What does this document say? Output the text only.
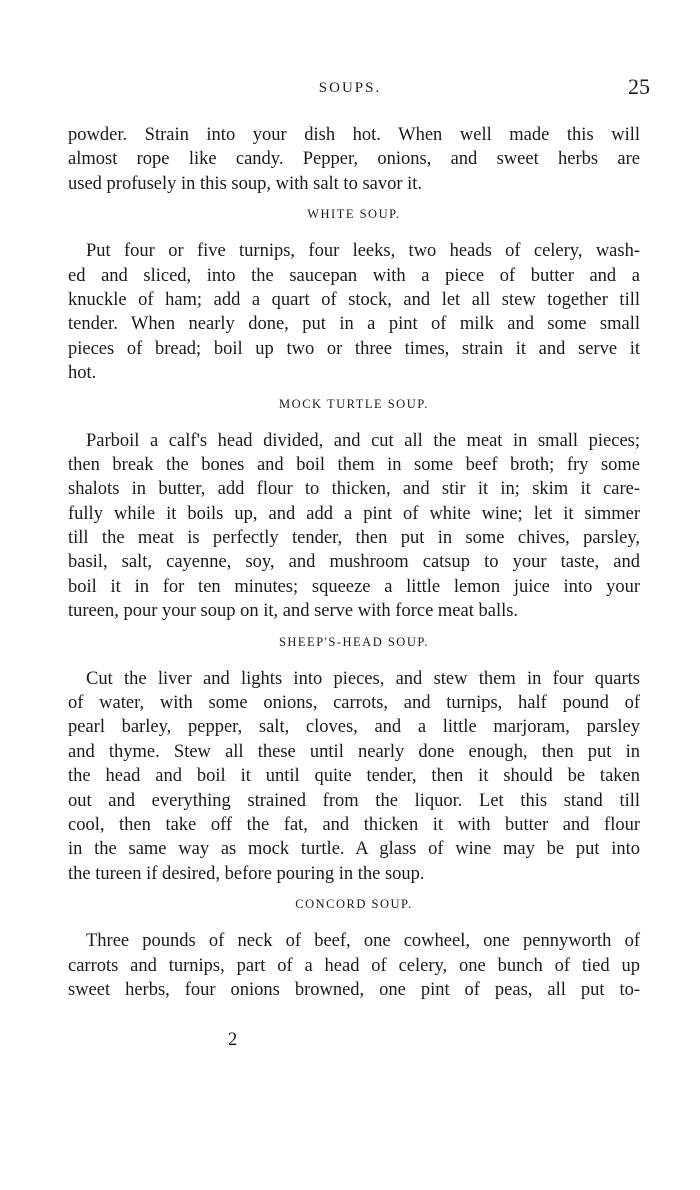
SOUPS.	25
powder. Strain into your dish hot. When well made this will
almost rope like candy. Pepper, onions, and sweet herbs are
used profusely in this soup, with salt to savor it.
WHITE SOUP.
Put four or five turnips, four leeks, two heads of celery, wash-
ed and sliced, into the saucepan with a piece of butter and a
knuckle of ham; add a quart of stock, and let all stew together till
tender. When nearly done, put in a pint of milk and some small
pieces of bread; boil up two or three times, strain it and serve it
hot.
MOCK TURTLE SOUP.
Parboil a calf's head divided, and cut all the meat in small pieces;
then break the bones and boil them in some beef broth; fry some
shalots in butter, add flour to thicken, and stir it in; skim it care-
fully while it boils up, and add a pint of white wine; let it simmer
till the meat is perfectly tender, then put in some chives, parsley,
basil, salt, cayenne, soy, and mushroom catsup to your taste, and
boil it in for ten minutes; squeeze a little lemon juice into your
tureen, pour your soup on it, and serve with force meat balls.
SHEEP'S-HEAD SOUP.
Cut the liver and lights into pieces, and stew them in four quarts
of water, with some onions, carrots, and turnips, half pound of
pearl barley, pepper, salt, cloves, and a little marjoram, parsley
and thyme. Stew all these until nearly done enough, then put in
the head and boil it until quite tender, then it should be taken
out and everything strained from the liquor. Let this stand till
cool, then take off the fat, and thicken it with butter and flour
in the same way as mock turtle. A glass of wine may be put into
the tureen if desired, before pouring in the soup.
CONCORD SOUP.
Three pounds of neck of beef, one cowheel, one pennyworth of
carrots and turnips, part of a head of celery, one bunch of tied up
sweet herbs, four onions browned, one pint of peas, all put to-
2
